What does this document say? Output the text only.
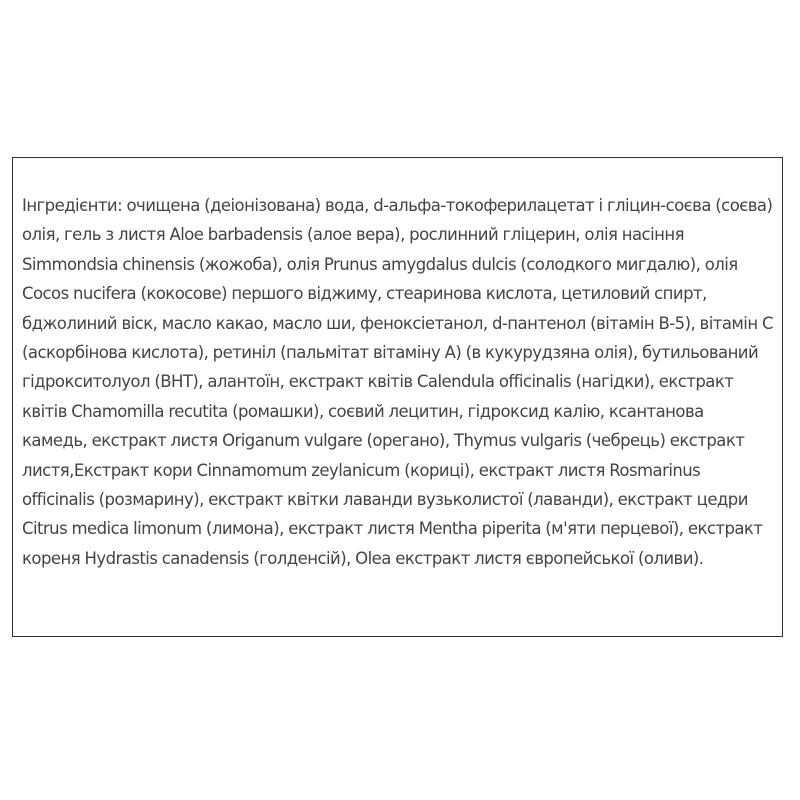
Інгредієнти: очищена (деіонізована) вода, d-альфа-токоферилацетат і гліцин-соєва (соєва) олія, гель з листя Aloe barbadensis (алое вера), рослинний гліцерин, олія насіння Simmondsia chinensis (жожоба), олія Prunus amygdalus dulcis (солодкого мигдалю), олія Cocos nucifera (кокосове) першого віджиму, стеаринова кислота, цетиловий спирт, бджолиний віск, масло какао, масло ши, феноксіетанол, d-пантенол (вітамін B-5), вітамін C (аскорбінова кислота), ретиніл (пальмітат вітаміну A) (в кукурудзяна олія), бутильований гідрокситолуол (BHT), алантоїн, екстракт квітів Calendula officinalis (нагідки), екстракт квітів Chamomilla recutita (ромашки), соєвий лецитин, гідроксид калію, ксантанова камедь, екстракт листя Origanum vulgare (орегано), Thymus vulgaris (чебрець) екстракт листя,Екстракт кори Cinnamomum zeylanicum (кориці), екстракт листя Rosmarinus officinalis (розмарину), екстракт квітки лаванди вузьколистої (лаванди), екстракт цедри Citrus medica limonum (лимона), екстракт листя Mentha piperita (м'яти перцевої), екстракт кореня Hydrastis canadensis (голденсій), Olea екстракт листя європейської (оливи).
